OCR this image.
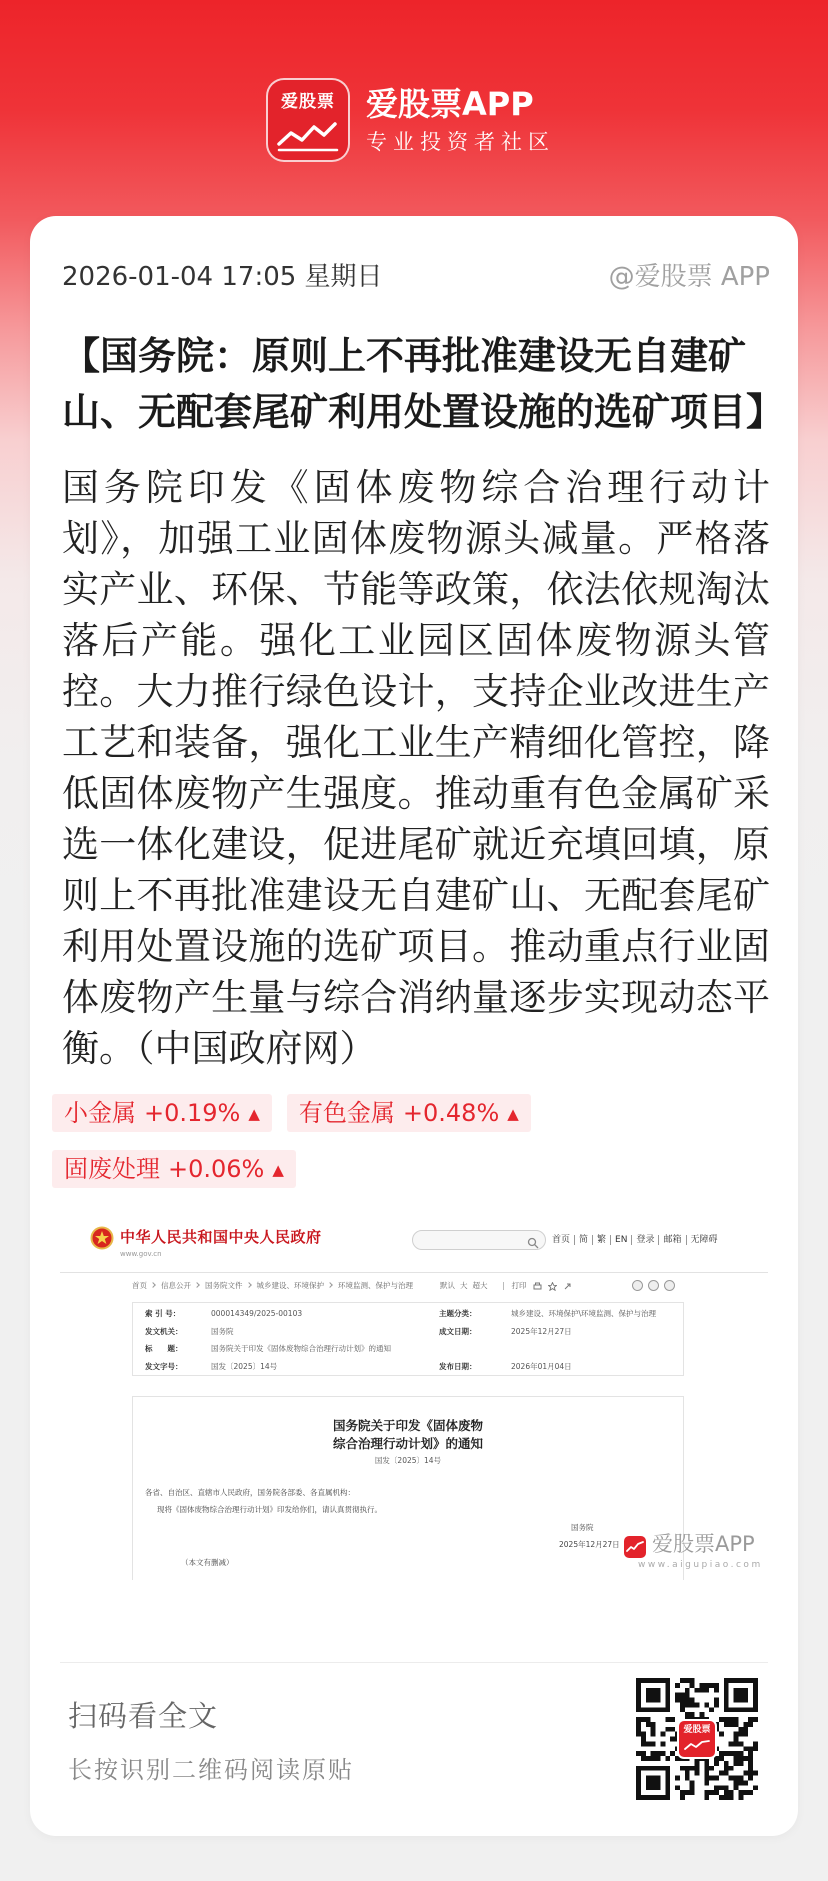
爱股票 爱股票APP
专业投资者社区
2026-01-04 17:05 星期日	@爱股票 APP
【国务院：原则上不再批准建设无自建矿山、无配套尾矿利用处置设施的选矿项目】
国务院印发《固体废物综合治理行动计划》，加强工业固体废物源头减量。严格落实产业、环保、节能等政策，依法依规淘汰落后产能。强化工业园区固体废物源头管控。大力推行绿色设计，支持企业改进生产工艺和装备，强化工业生产精细化管控，降低固体废物产生强度。推动重有色金属矿采选一体化建设，促进尾矿就近充填回填，原则上不再批准建设无自建矿山、无配套尾矿利用处置设施的选矿项目。推动重点行业固体废物产生量与综合消纳量逐步实现动态平衡。（中国政府网）
小金属 +0.19% ▲	有色金属 +0.48% ▲
固废处理 +0.06% ▲
中华人民共和国中央人民政府
www.gov.cn
首页 简 繁 EN 登录 邮箱 无障碍
首页 信息公开 国务院文件 城乡建设、环境保护 环境监测、保护与治理	默认 大 超大	打印
索 引 号：	000014349/2025-00103	主题分类：	城乡建设、环境保护\环境监测、保护与治理
发文机关：	国务院	成文日期：	2025年12月27日
标　　题：	国务院关于印发《固体废物综合治理行动计划》的通知
发文字号：	国发〔2025〕14号	发布日期：	2026年01月04日
国务院关于印发《固体废物
综合治理行动计划》的通知
国发〔2025〕14号
各省、自治区、直辖市人民政府，国务院各部委、各直属机构：
现将《固体废物综合治理行动计划》印发给你们，请认真贯彻执行。
国务院
2025年12月27日
（本文有删减）
爱股票APP
www.aigupiao.com
扫码看全文
长按识别二维码阅读原贴
爱股票
